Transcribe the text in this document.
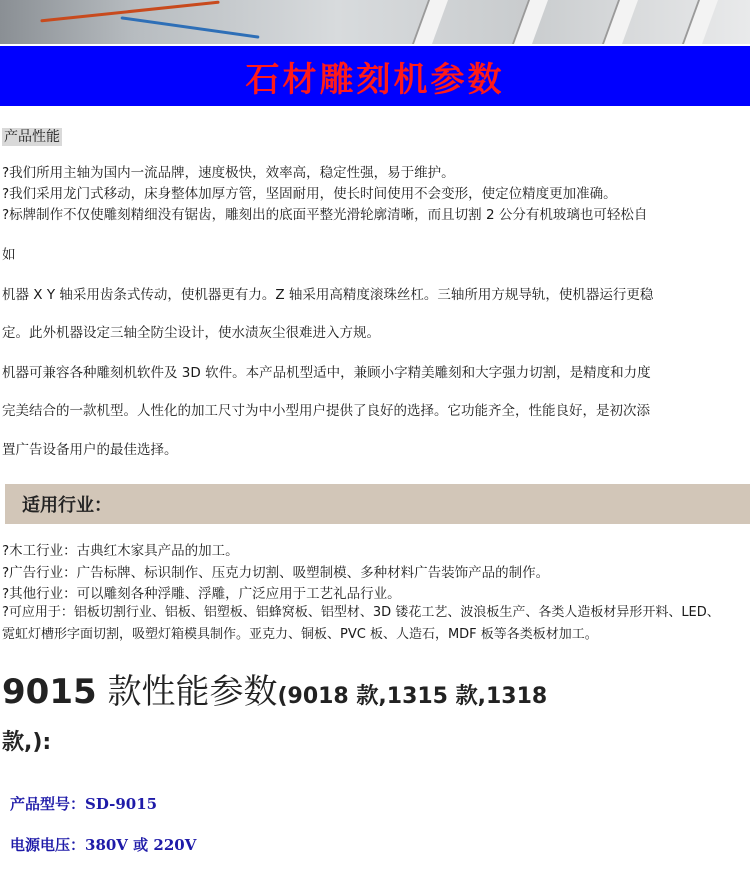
石材雕刻机参数
产品性能
?我们所用主轴为国内一流品牌，速度极快，效率高，稳定性强，易于维护。
?我们采用龙门式移动，床身整体加厚方管，坚固耐用，使长时间使用不会变形，使定位精度更加准确。
?标牌制作不仅使雕刻精细没有锯齿，雕刻出的底面平整光滑轮廓清晰，而且切割 2 公分有机玻璃也可轻松自
如
机器 X Y 轴采用齿条式传动，使机器更有力。Z 轴采用高精度滚珠丝杠。三轴所用方规导轨，使机器运行更稳
定。此外机器设定三轴全防尘设计，使水渍灰尘很难进入方规。
机器可兼容各种雕刻机软件及 3D 软件。本产品机型适中，兼顾小字精美雕刻和大字强力切割，是精度和力度
完美结合的一款机型。人性化的加工尺寸为中小型用户提供了良好的选择。它功能齐全，性能良好，是初次添
置广告设备用户的最佳选择。
适用行业：
?木工行业：古典红木家具产品的加工。
?广告行业：广告标牌、标识制作、压克力切割、吸塑制模、多种材料广告装饰产品的制作。
?其他行业：可以雕刻各种浮雕、浮雕，广泛应用于工艺礼品行业。
?可应用于：铝板切割行业、铝板、铝塑板、铝蜂窝板、铝型材、3D 镂花工艺、波浪板生产、各类人造板材异形开料、LED、
霓虹灯槽形字面切割，吸塑灯箱模具制作。亚克力、铜板、PVC 板、人造石，MDF 板等各类板材加工。
9015 款性能参数(9018 款,1315 款,1318
款,):
产品型号：SD-9015
电源电压：380V 或 220V
